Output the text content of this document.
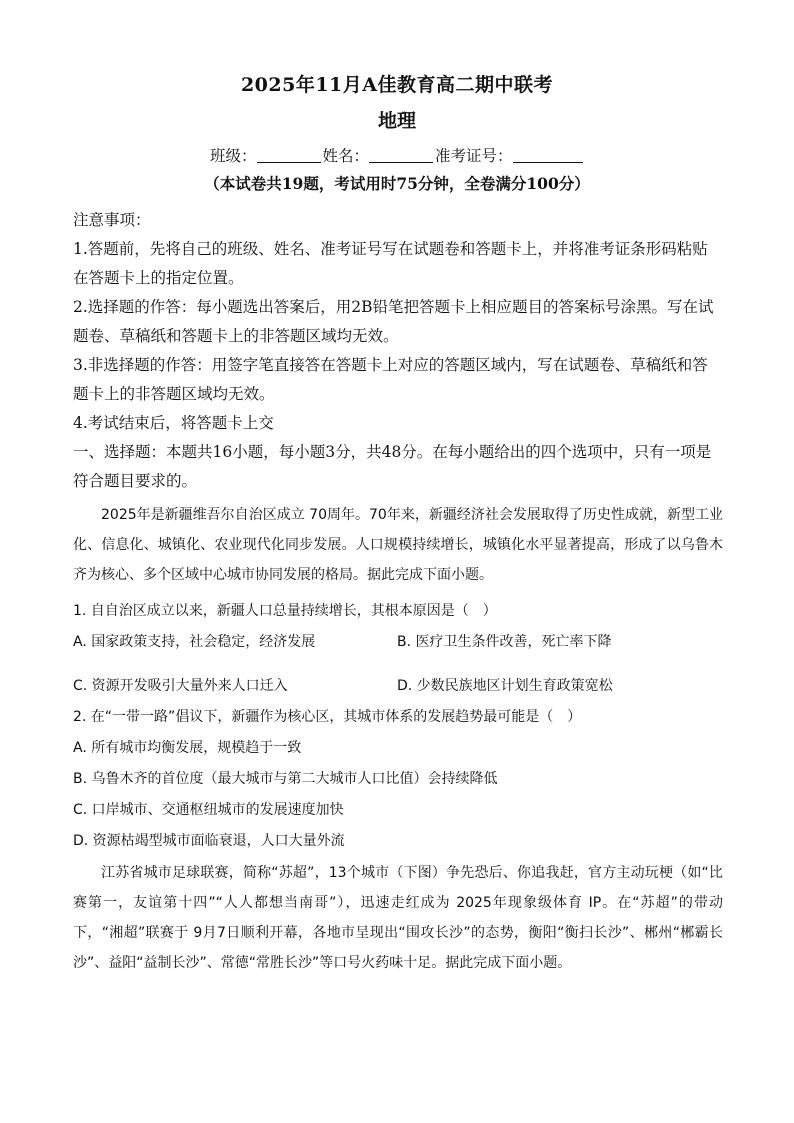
2025年11月A佳教育高二期中联考
地理
班级：	姓名：	准考证号：
（本试卷共19题，考试用时75分钟，全卷满分100分）
注意事项：
1.答题前，先将自己的班级、姓名、准考证号写在试题卷和答题卡上，并将准考证条形码粘贴在答题卡上的指定位置。
2.选择题的作答：每小题选出答案后，用2B铅笔把答题卡上相应题目的答案标号涂黑。写在试题卷、草稿纸和答题卡上的非答题区域均无效。
3.非选择题的作答：用签字笔直接答在答题卡上对应的答题区域内，写在试题卷、草稿纸和答题卡上的非答题区域均无效。
4.考试结束后，将答题卡上交
一、选择题：本题共16小题，每小题3分，共48分。在每小题给出的四个选项中，只有一项是符合题目要求的。
2025年是新疆维吾尔自治区成立 70周年。70年来，新疆经济社会发展取得了历史性成就，新型工业化、信息化、城镇化、农业现代化同步发展。人口规模持续增长，城镇化水平显著提高，形成了以乌鲁木齐为核心、多个区域中心城市协同发展的格局。据此完成下面小题。
1. 自自治区成立以来，新疆人口总量持续增长，其根本原因是（　）
A. 国家政策支持，社会稳定，经济发展	B. 医疗卫生条件改善，死亡率下降
C. 资源开发吸引大量外来人口迁入	D. 少数民族地区计划生育政策宽松
2. 在“一带一路”倡议下，新疆作为核心区，其城市体系的发展趋势最可能是（　）
A. 所有城市均衡发展，规模趋于一致
B. 乌鲁木齐的首位度（最大城市与第二大城市人口比值）会持续降低
C. 口岸城市、交通枢纽城市的发展速度加快
D. 资源枯竭型城市面临衰退，人口大量外流
江苏省城市足球联赛，简称“苏超”，13个城市（下图）争先恐后、你追我赶，官方主动玩梗（如“比赛第一，友谊第十四”“人人都想当南哥”），迅速走红成为 2025年现象级体育 IP。在“苏超”的带动下，“湘超”联赛于 9月7日顺利开幕，各地市呈现出“围攻长沙”的态势，衡阳“衡扫长沙”、郴州“郴霸长沙”、益阳“益制长沙”、常德“常胜长沙”等口号火药味十足。据此完成下面小题。
